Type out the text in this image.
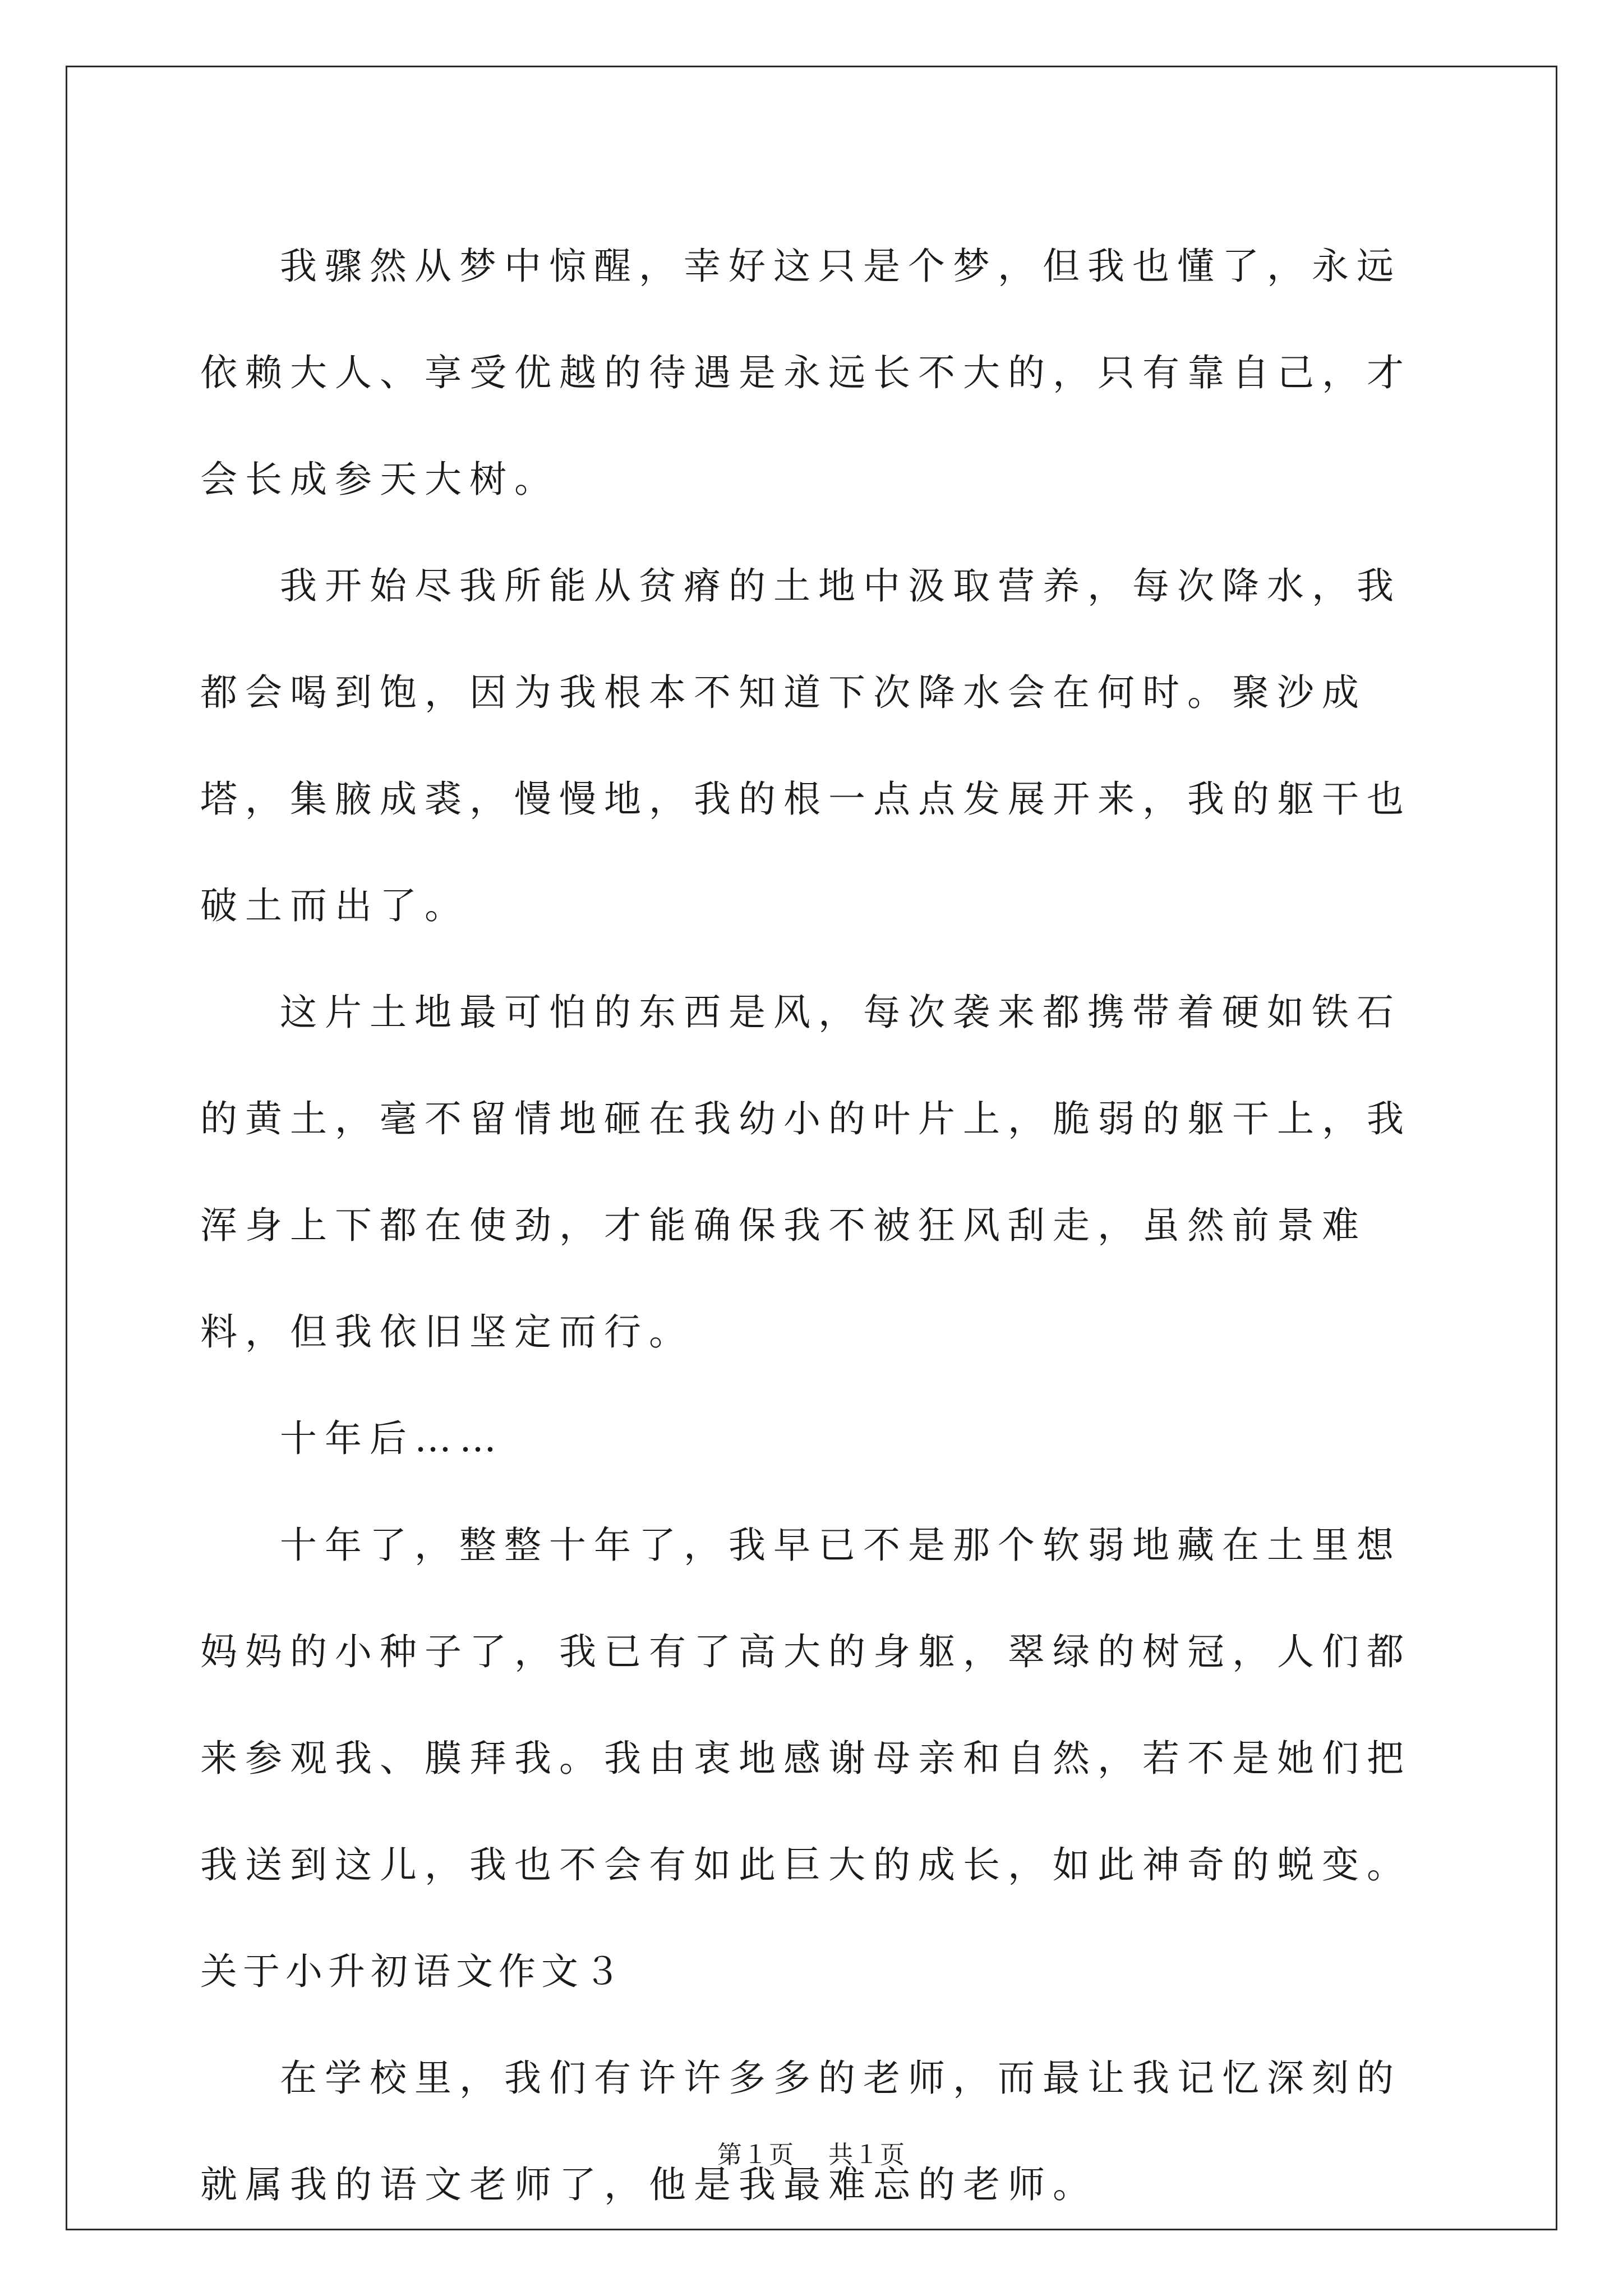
我骤然从梦中惊醒，幸好这只是个梦，但我也懂了，永远依赖大人、享受优越的待遇是永远长不大的，只有靠自己，才会长成参天大树。

我开始尽我所能从贫瘠的土地中汲取营养，每次降水，我都会喝到饱，因为我根本不知道下次降水会在何时。聚沙成塔，集腋成裘，慢慢地，我的根一点点发展开来，我的躯干也破土而出了。

这片土地最可怕的东西是风，每次袭来都携带着硬如铁石的黄土，毫不留情地砸在我幼小的叶片上，脆弱的躯干上，我浑身上下都在使劲，才能确保我不被狂风刮走，虽然前景难料，但我依旧坚定而行。

十年后……

十年了，整整十年了，我早已不是那个软弱地藏在土里想妈妈的小种子了，我已有了高大的身躯，翠绿的树冠，人们都来参观我、膜拜我。我由衷地感谢母亲和自然，若不是她们把我送到这儿，我也不会有如此巨大的成长，如此神奇的蜕变。

关于小升初语文作文３

在学校里，我们有许许多多的老师，而最让我记忆深刻的就属我的语文老师了，他是我最难忘的老师。

第１页 共１页
